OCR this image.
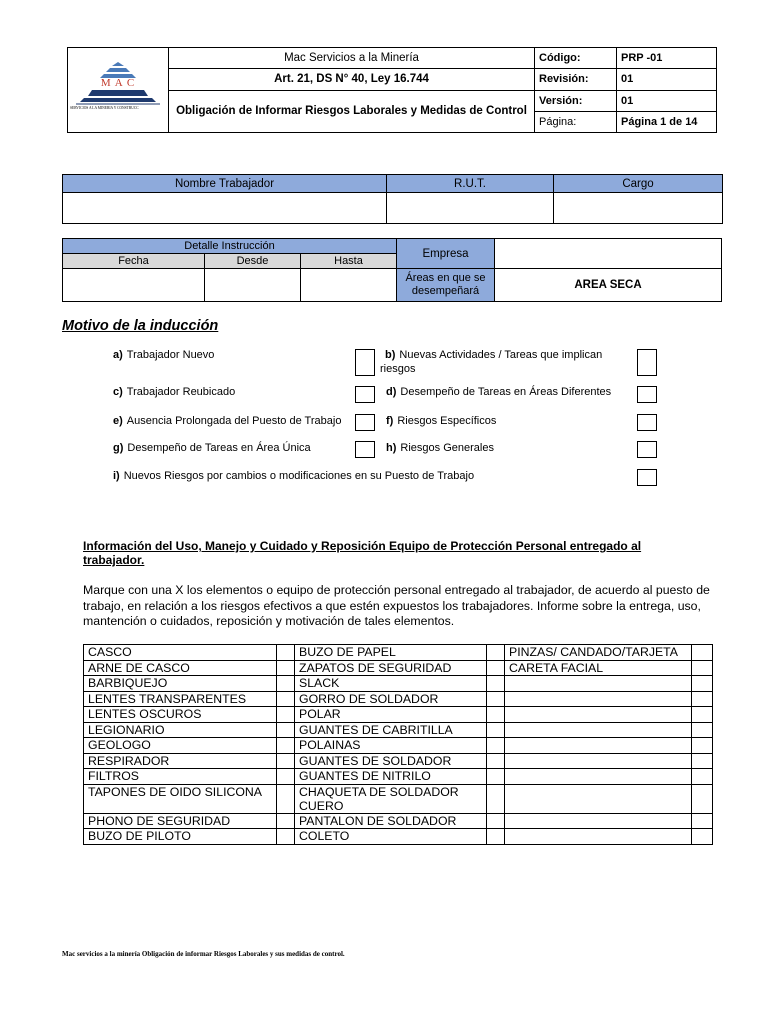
M A C
SERVICIOS A LA MINERIA Y CONSTRUCC	Mac Servicios a la Minería	Código:	PRP -01
	Art. 21, DS N° 40, Ley 16.744	Revisión:	01
	Obligación de Informar Riesgos Laborales y Medidas de Control	Versión:	01
		Página:	Página 1 de 14
Nombre Trabajador	R.U.T.	Cargo

Detalle Instrucción			Empresa	
Fecha	Desde	Hasta		
			Áreas en que se desempeñará	AREA SECA
Motivo de la inducción
a) Trabajador Nuevo	b) Nuevas Actividades / Tareas que implican riesgos
c) Trabajador Reubicado	d) Desempeño de Tareas en Áreas Diferentes
e) Ausencia Prolongada del Puesto de Trabajo	f) Riesgos Específicos
g) Desempeño de Tareas en Área Única	h) Riesgos Generales
i) Nuevos Riesgos por cambios o modificaciones en su Puesto de Trabajo
Información del Uso, Manejo y Cuidado y Reposición Equipo de Protección Personal entregado al trabajador.
Marque con una X los elementos o equipo de protección personal entregado al trabajador, de acuerdo al puesto de trabajo, en relación a los riesgos efectivos a que estén expuestos los trabajadores. Informe sobre la entrega, uso, mantención o cuidados, reposición y motivación de tales elementos.
CASCO		BUZO DE PAPEL		PINZAS/ CANDADO/TARJETA	
ARNE DE CASCO		ZAPATOS DE SEGURIDAD		CARETA FACIAL	
BARBIQUEJO		SLACK			
LENTES TRANSPARENTES		GORRO DE SOLDADOR			
LENTES OSCUROS		POLAR			
LEGIONARIO		GUANTES DE CABRITILLA			
GEOLOGO		POLAINAS			
RESPIRADOR		GUANTES DE SOLDADOR			
FILTROS		GUANTES DE NITRILO			
TAPONES DE OIDO SILICONA		CHAQUETA DE SOLDADOR CUERO			
PHONO DE SEGURIDAD		PANTALON DE SOLDADOR			
BUZO DE PILOTO		COLETO			
Mac servicios a la minería Obligación de informar Riesgos Laborales y sus medidas de control.
